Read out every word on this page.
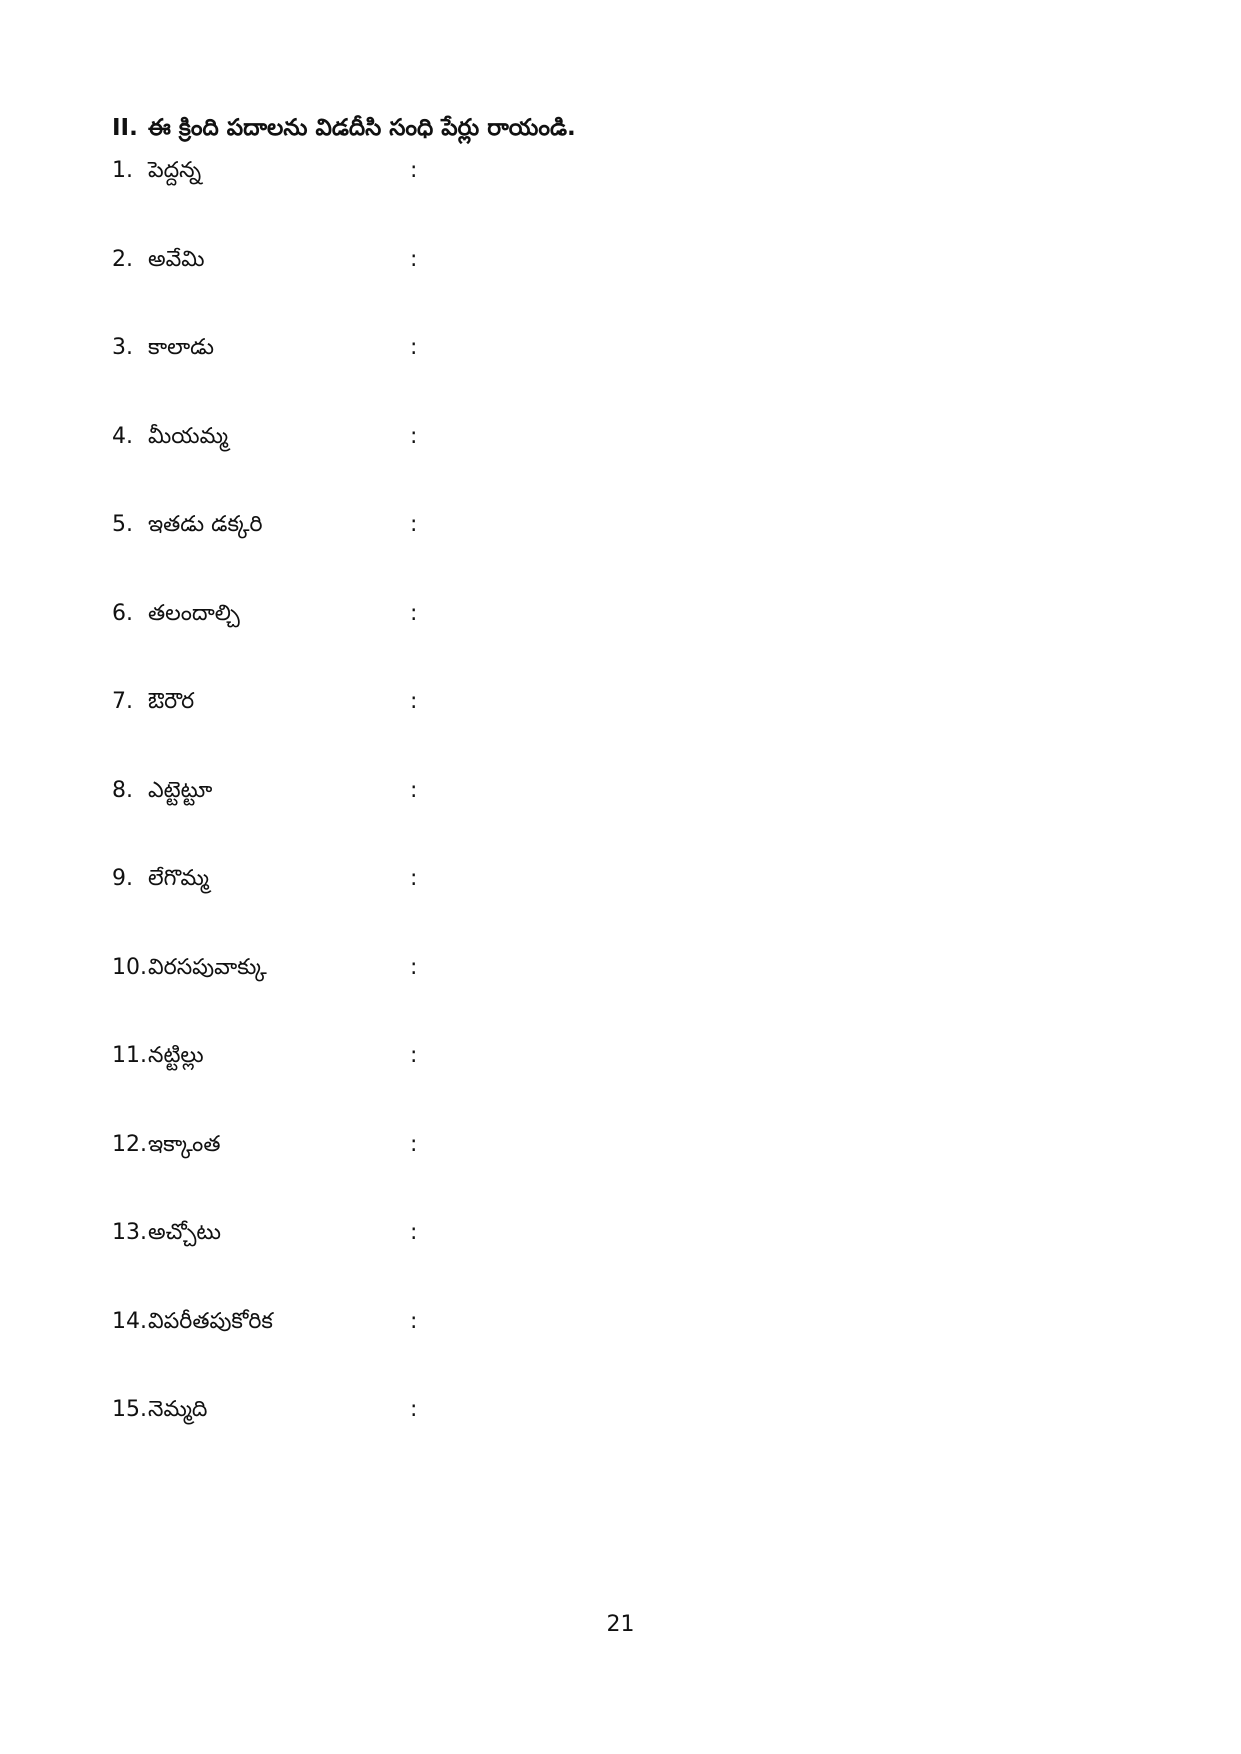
II. ఈ క్రింది పదాలను విడదీసి సంధి పేర్లు రాయండి.
1. పెద్దన్న	:
2. అవేమి	:
3. కాలాడు	:
4. మీయమ్మ	:
5. ఇతడు డక్కరి	:
6. తలందాల్చి	:
7. ఔరౌర	:
8. ఎట్టెట్టూ	:
9. లేగొమ్మ	:
10. విరసపువాక్కు	:
11. నట్టిల్లు	:
12. ఇక్కాంత	:
13. అచ్చోటు	:
14. విపరీతపుకోరిక	:
15. నెమ్మది	:
21
